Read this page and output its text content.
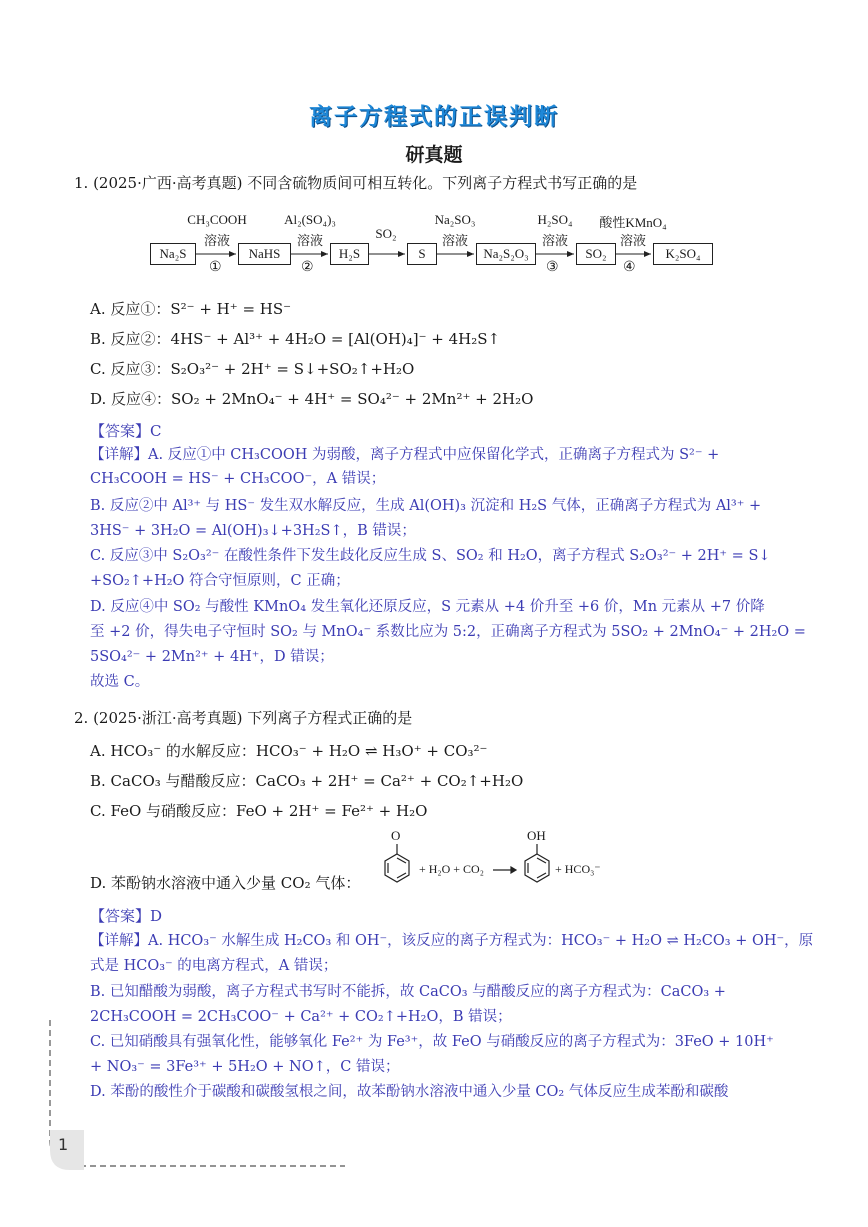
离子方程式的正误判断
研真题
1. (2025·广西·高考真题) 不同含硫物质间可相互转化。下列离子方程式书写正确的是
Na₂S	NaHS	H₂S	S	Na₂S₂O₃	SO₂	K₂SO₄
CH₃COOH
溶液
①
Al₂(SO₄)₃
溶液
②
SO₂
Na₂SO₃
溶液
H₂SO₄
溶液
③
酸性KMnO₄
溶液
④
A. 反应①：S²⁻ + H⁺ = HS⁻
B. 反应②：4HS⁻ + Al³⁺ + 4H₂O = [Al(OH)₄]⁻ + 4H₂S↑
C. 反应③：S₂O₃²⁻ + 2H⁺ = S↓+SO₂↑+H₂O
D. 反应④：SO₂ + 2MnO₄⁻ + 4H⁺ = SO₄²⁻ + 2Mn²⁺ + 2H₂O
【答案】C
【详解】A. 反应①中 CH₃COOH 为弱酸，离子方程式中应保留化学式，正确离子方程式为 S²⁻ +
CH₃COOH = HS⁻ + CH₃COO⁻，A 错误；
B. 反应②中 Al³⁺ 与 HS⁻ 发生双水解反应，生成 Al(OH)₃ 沉淀和 H₂S 气体，正确离子方程式为 Al³⁺ +
3HS⁻ + 3H₂O = Al(OH)₃↓+3H₂S↑，B 错误；
C. 反应③中 S₂O₃²⁻ 在酸性条件下发生歧化反应生成 S、SO₂ 和 H₂O，离子方程式 S₂O₃²⁻ + 2H⁺ = S↓
+SO₂↑+H₂O 符合守恒原则，C 正确；
D. 反应④中 SO₂ 与酸性 KMnO₄ 发生氧化还原反应，S 元素从 +4 价升至 +6 价，Mn 元素从 +7 价降
至 +2 价，得失电子守恒时 SO₂ 与 MnO₄⁻ 系数比应为 5:2，正确离子方程式为 5SO₂ + 2MnO₄⁻ + 2H₂O =
5SO₄²⁻ + 2Mn²⁺ + 4H⁺，D 错误；
故选 C。
2. (2025·浙江·高考真题) 下列离子方程式正确的是
A. HCO₃⁻ 的水解反应：HCO₃⁻ + H₂O ⇌ H₃O⁺ + CO₃²⁻
B. CaCO₃ 与醋酸反应：CaCO₃ + 2H⁺ = Ca²⁺ + CO₂↑+H₂O
C. FeO 与硝酸反应：FeO + 2H⁺ = Fe²⁺ + H₂O
D. 苯酚钠水溶液中通入少量 CO₂ 气体：
O
+ H₂O + CO₂
OH
+ HCO₃⁻
【答案】D
【详解】A. HCO₃⁻ 水解生成 H₂CO₃ 和 OH⁻，该反应的离子方程式为：HCO₃⁻ + H₂O ⇌ H₂CO₃ + OH⁻，原
式是 HCO₃⁻ 的电离方程式，A 错误；
B. 已知醋酸为弱酸，离子方程式书写时不能拆，故 CaCO₃ 与醋酸反应的离子方程式为：CaCO₃ +
2CH₃COOH = 2CH₃COO⁻ + Ca²⁺ + CO₂↑+H₂O，B 错误；
C. 已知硝酸具有强氧化性，能够氧化 Fe²⁺ 为 Fe³⁺，故 FeO 与硝酸反应的离子方程式为：3FeO + 10H⁺
+ NO₃⁻ = 3Fe³⁺ + 5H₂O + NO↑，C 错误；
D. 苯酚的酸性介于碳酸和碳酸氢根之间，故苯酚钠水溶液中通入少量 CO₂ 气体反应生成苯酚和碳酸
1
